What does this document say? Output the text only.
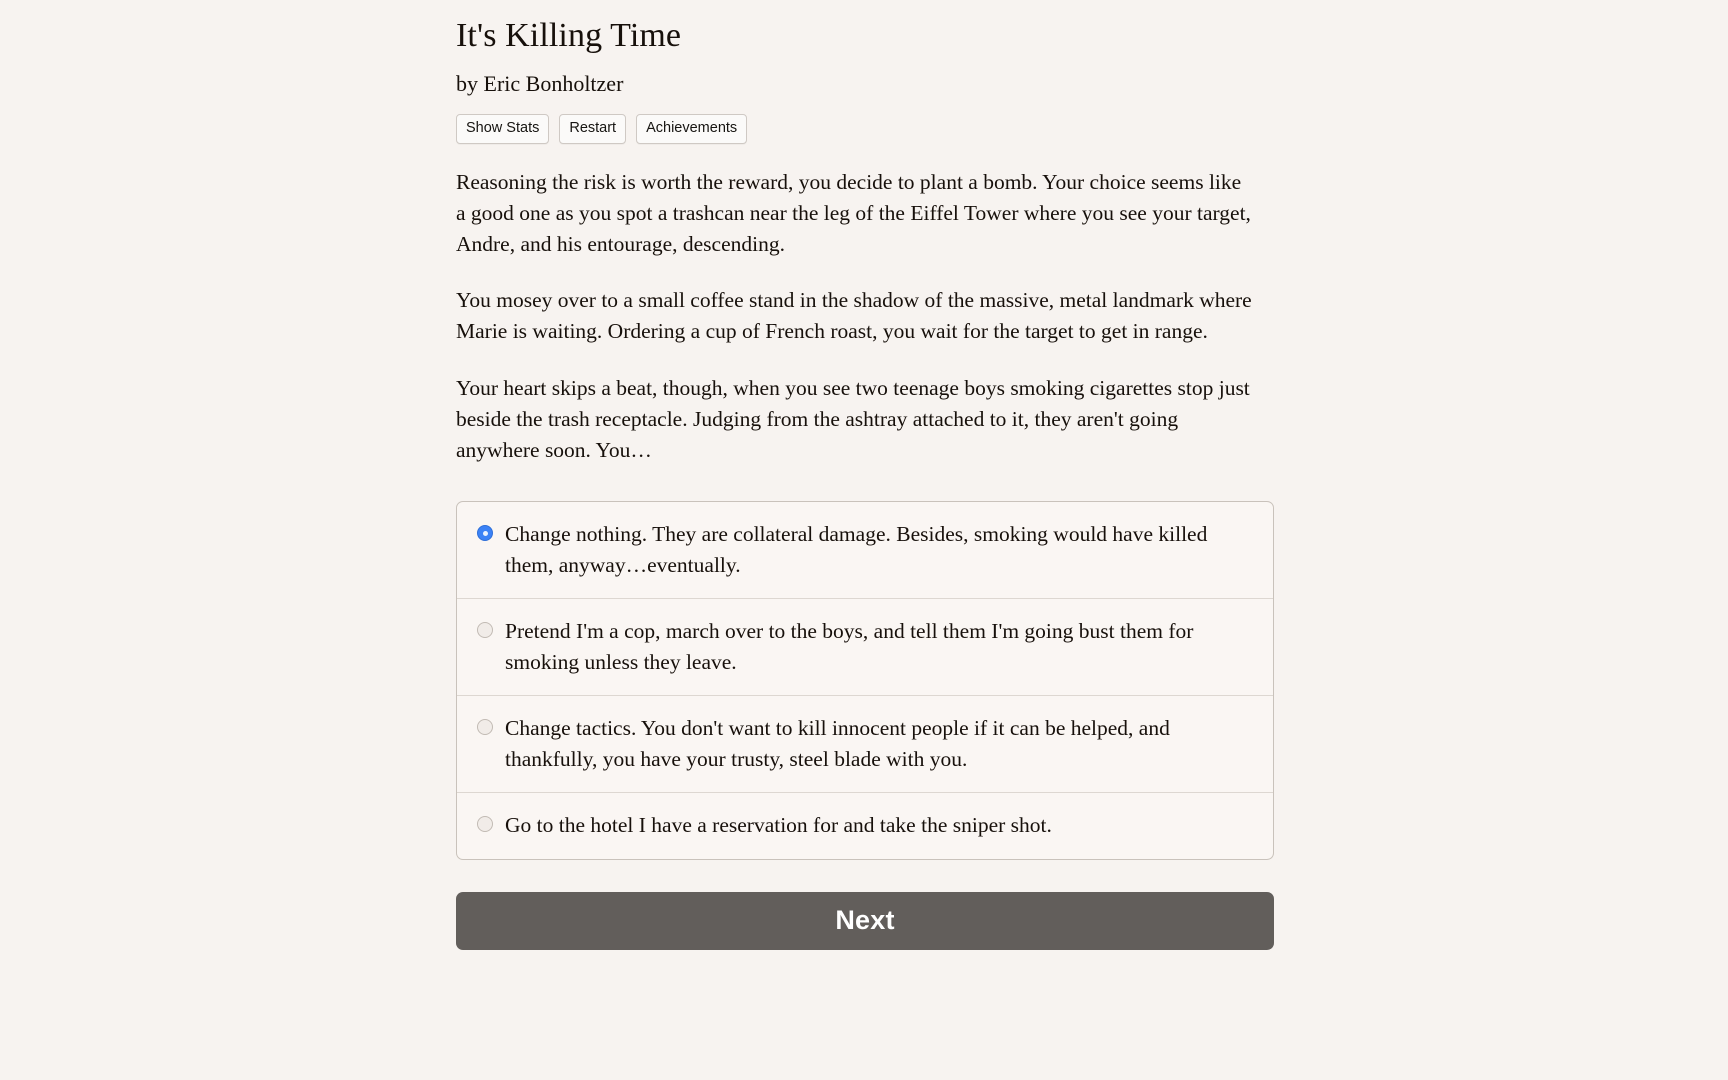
It's Killing Time
by Eric Bonholtzer
Show Stats	Restart	Achievements

Reasoning the risk is worth the reward, you decide to plant a bomb. Your choice seems like a good one as you spot a trashcan near the leg of the Eiffel Tower where you see your target, Andre, and his entourage, descending.

You mosey over to a small coffee stand in the shadow of the massive, metal landmark where Marie is waiting. Ordering a cup of French roast, you wait for the target to get in range.

Your heart skips a beat, though, when you see two teenage boys smoking cigarettes stop just beside the trash receptacle. Judging from the ashtray attached to it, they aren't going anywhere soon. You…

Change nothing. They are collateral damage. Besides, smoking would have killed them, anyway…eventually.
Pretend I'm a cop, march over to the boys, and tell them I'm going bust them for smoking unless they leave.
Change tactics. You don't want to kill innocent people if it can be helped, and thankfully, you have your trusty, steel blade with you.
Go to the hotel I have a reservation for and take the sniper shot.
Next
